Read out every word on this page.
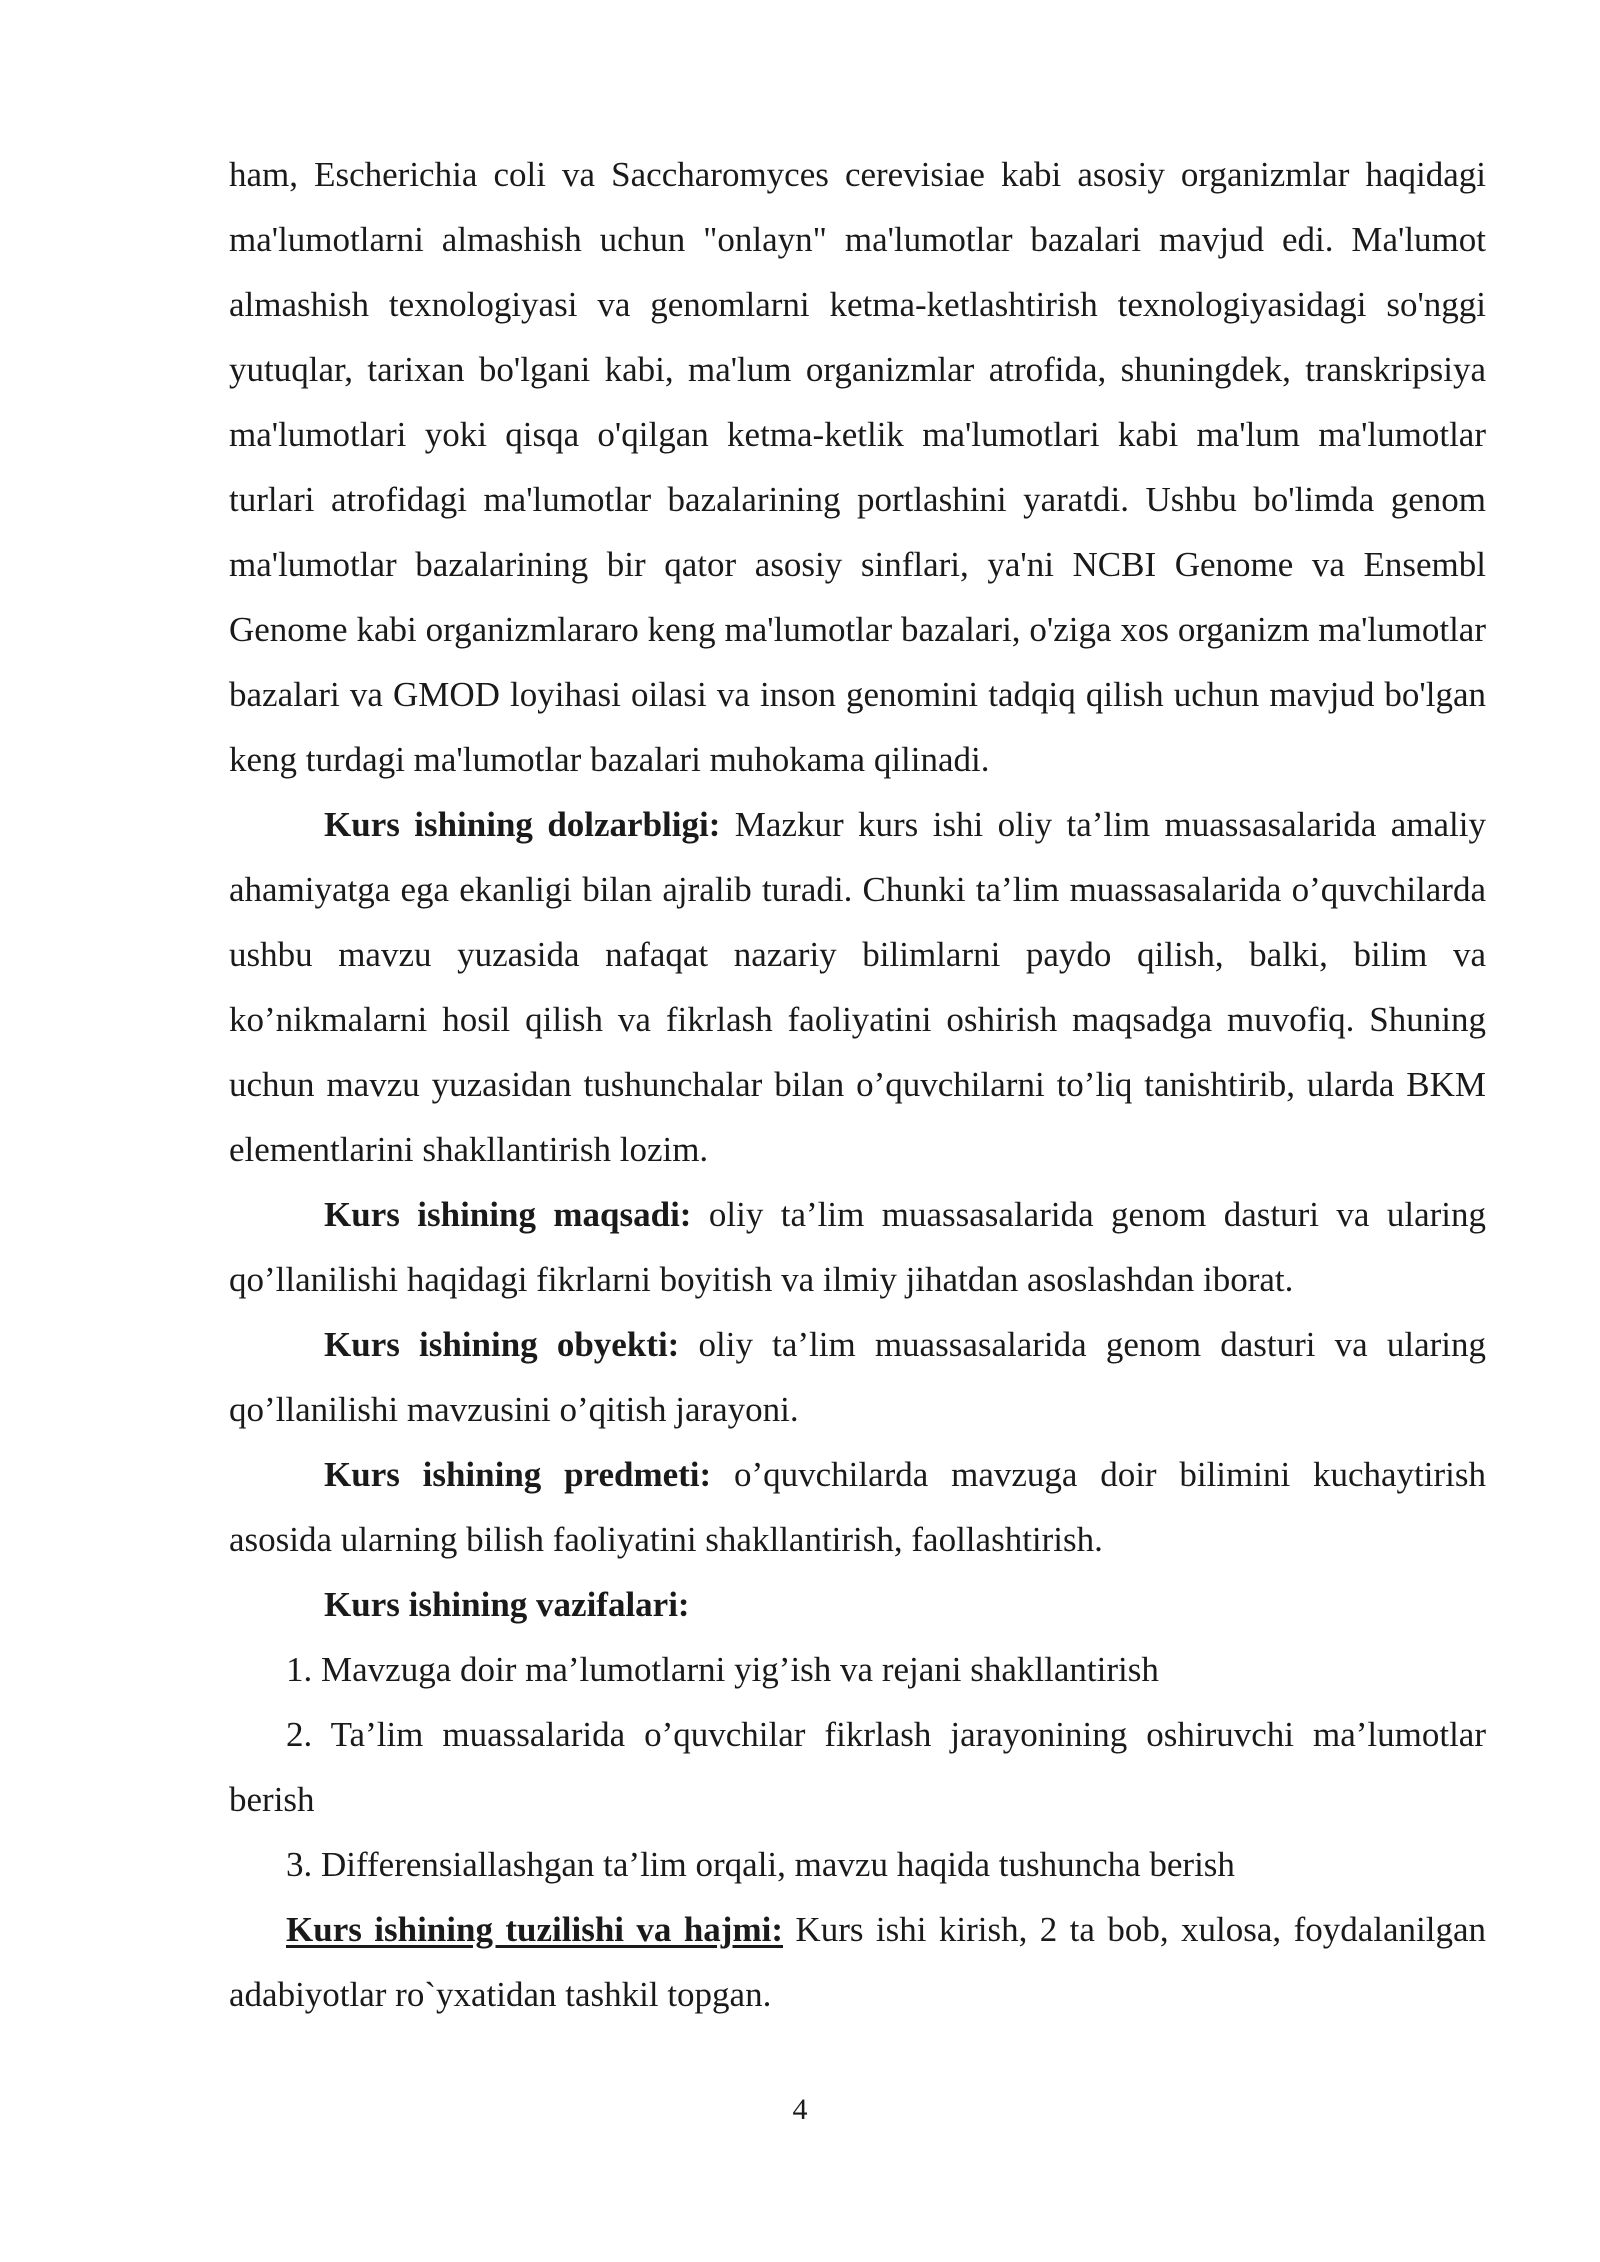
ham, Escherichia coli va Saccharomyces cerevisiae kabi asosiy organizmlar haqidagi ma'lumotlarni almashish uchun "onlayn" ma'lumotlar bazalari mavjud edi. Ma'lumot almashish texnologiyasi va genomlarni ketma-ketlashtirish texnologiyasidagi so'nggi yutuqlar, tarixan bo'lgani kabi, ma'lum organizmlar atrofida, shuningdek, transkripsiya ma'lumotlari yoki qisqa o'qilgan ketma-ketlik ma'lumotlari kabi ma'lum ma'lumotlar turlari atrofidagi ma'lumotlar bazalarining portlashini yaratdi. Ushbu bo'limda genom ma'lumotlar bazalarining bir qator asosiy sinflari, ya'ni NCBI Genome va Ensembl Genome kabi organizmlararo keng ma'lumotlar bazalari, o'ziga xos organizm ma'lumotlar bazalari va GMOD loyihasi oilasi va inson genomini tadqiq qilish uchun mavjud bo'lgan keng turdagi ma'lumotlar bazalari muhokama qilinadi.

Kurs ishining dolzarbligi: Mazkur kurs ishi oliy ta’lim muassasalarida amaliy ahamiyatga ega ekanligi bilan ajralib turadi. Chunki ta’lim muassasalarida o’quvchilarda ushbu mavzu yuzasida nafaqat nazariy bilimlarni paydo qilish, balki, bilim va ko’nikmalarni hosil qilish va fikrlash faoliyatini oshirish maqsadga muvofiq. Shuning uchun mavzu yuzasidan tushunchalar bilan o’quvchilarni to’liq tanishtirib, ularda BKM elementlarini shakllantirish lozim.

Kurs ishining maqsadi: oliy ta’lim muassasalarida genom dasturi va ularing qo’llanilishi haqidagi fikrlarni boyitish va ilmiy jihatdan asoslashdan iborat.

Kurs ishining obyekti: oliy ta’lim muassasalarida genom dasturi va ularing qo’llanilishi mavzusini o’qitish jarayoni.

Kurs ishining predmeti: o’quvchilarda mavzuga doir bilimini kuchaytirish asosida ularning bilish faoliyatini shakllantirish, faollashtirish.

Kurs ishining vazifalari:

1. Mavzuga doir ma’lumotlarni yig’ish va rejani shakllantirish

2. Ta’lim muassalarida o’quvchilar fikrlash jarayonining oshiruvchi ma’lumotlar berish

3. Differensiallashgan ta’lim orqali, mavzu haqida tushuncha berish

Kurs ishining tuzilishi va hajmi: Kurs ishi kirish, 2 ta bob, xulosa, foydalanilgan adabiyotlar ro`yxatidan tashkil topgan.

4
